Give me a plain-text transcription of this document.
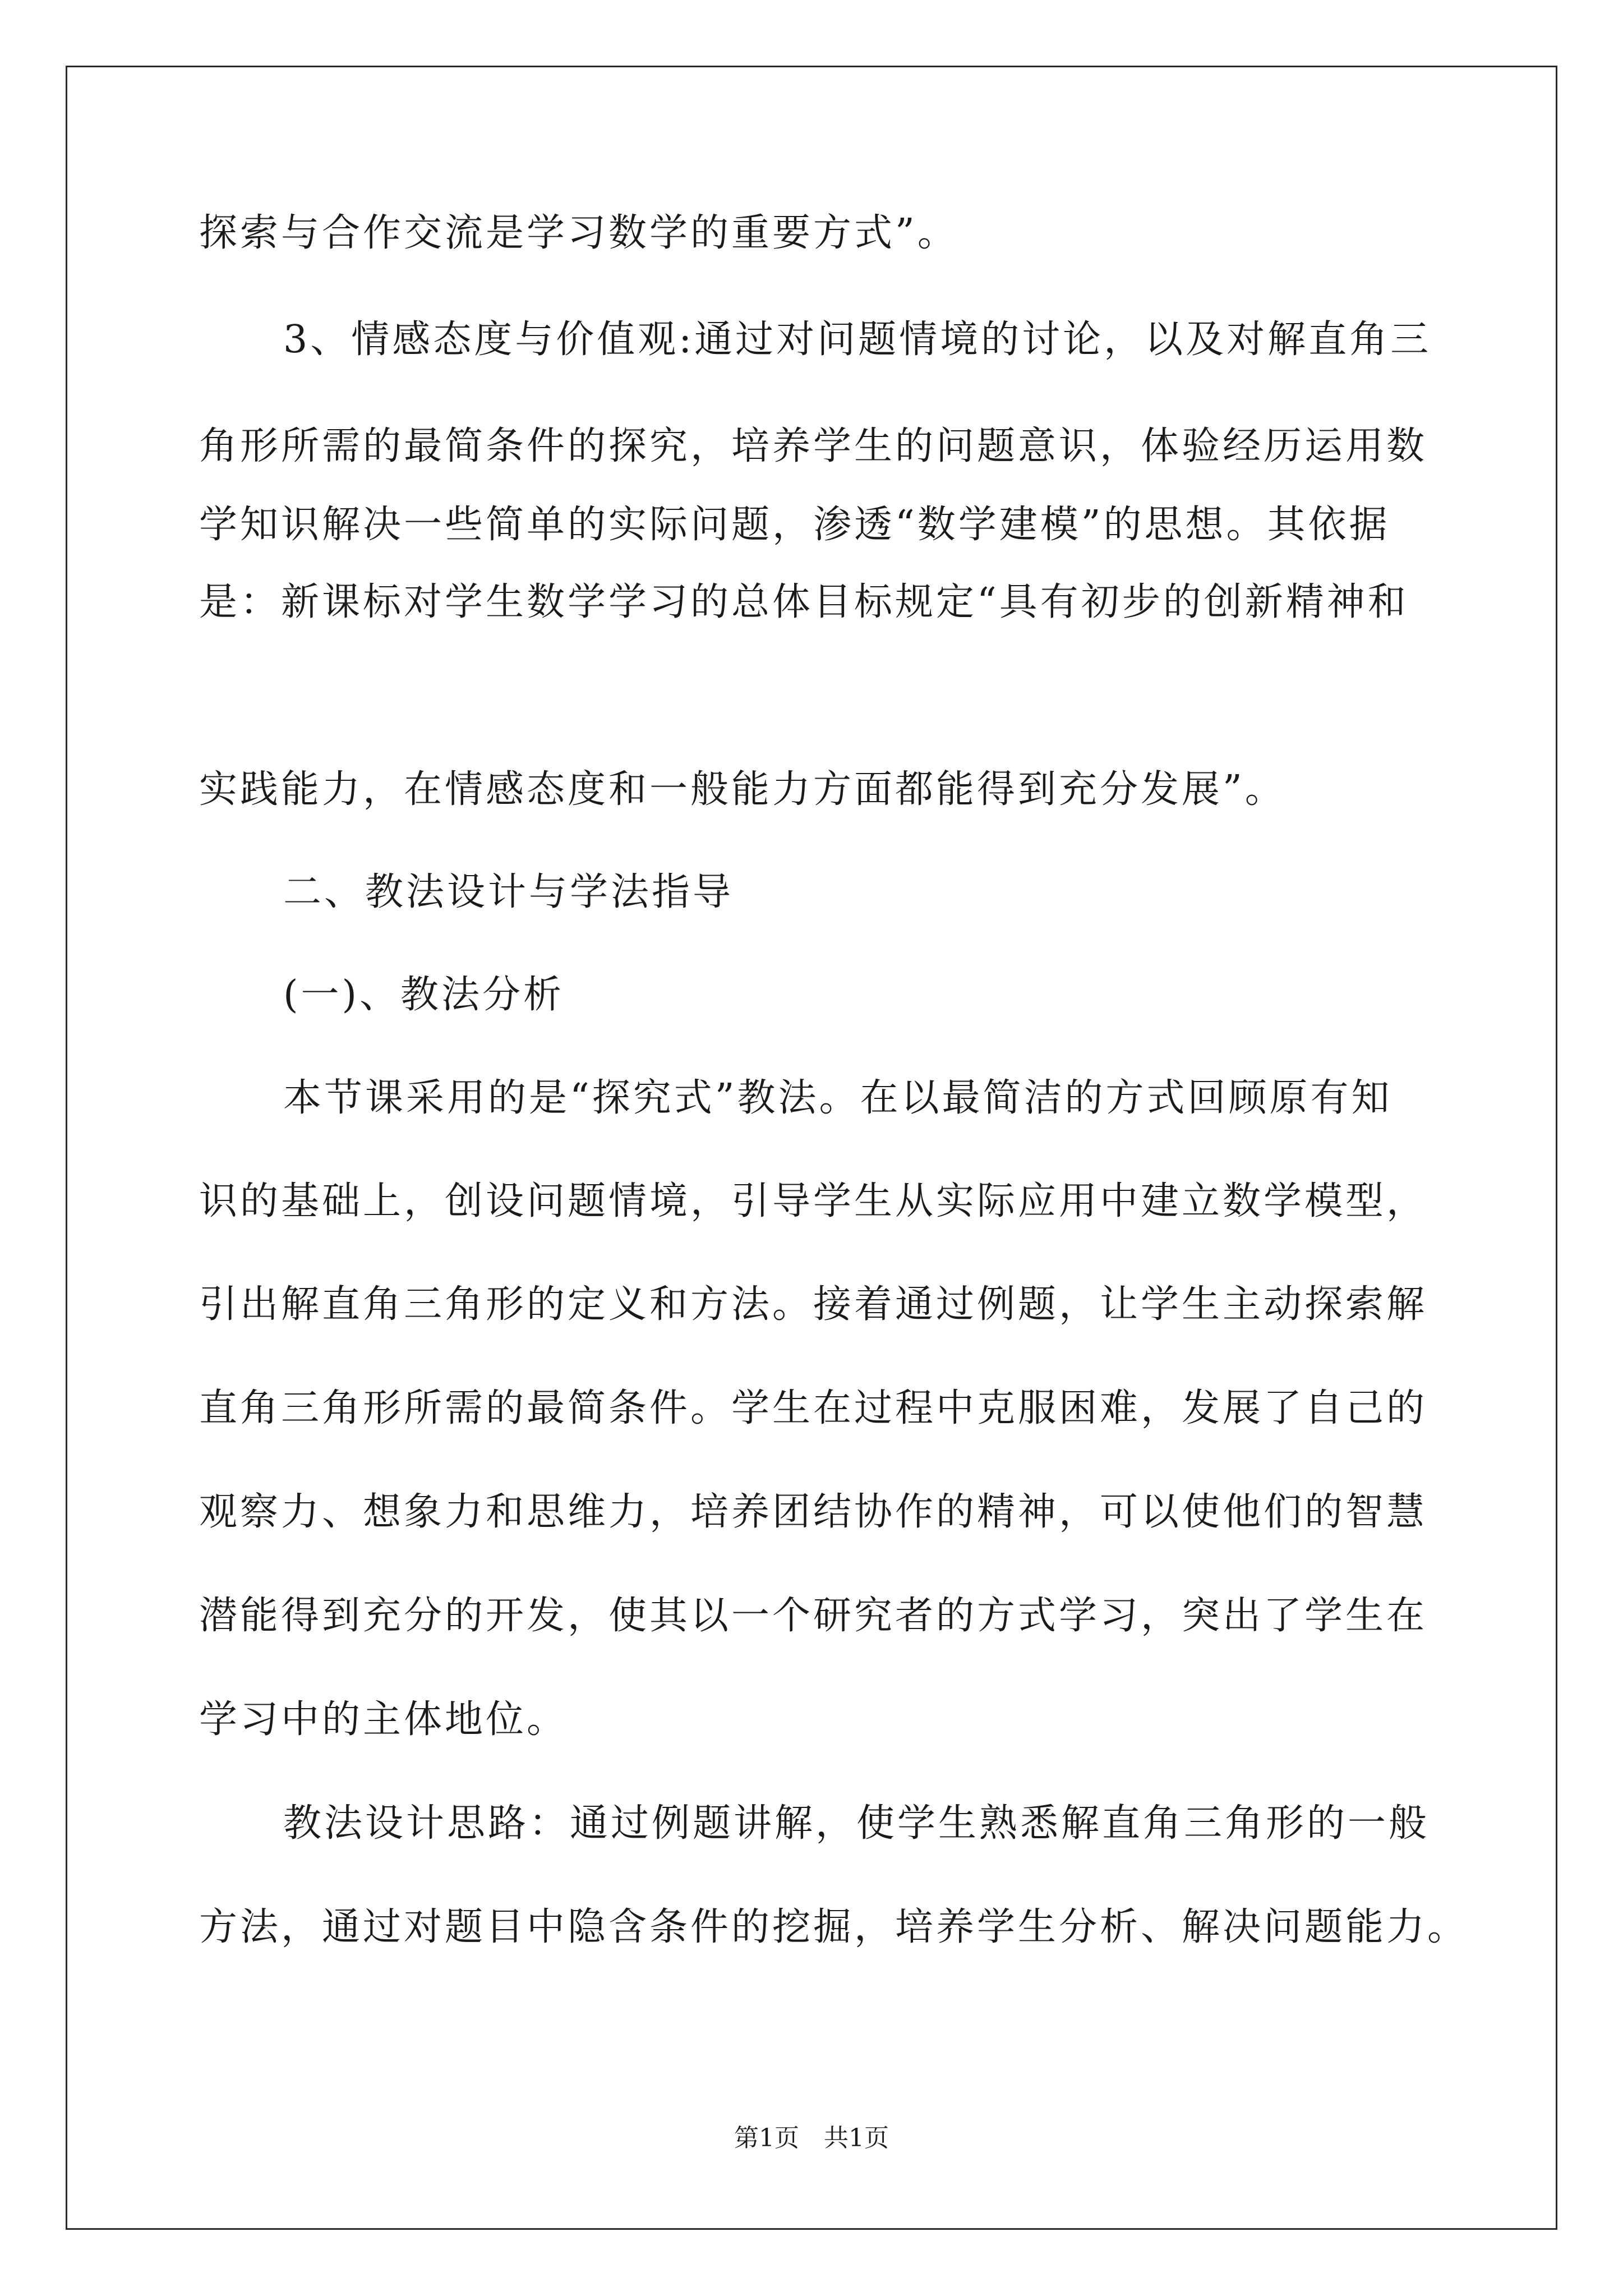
探索与合作交流是学习数学的重要方式”。
3、情感态度与价值观:通过对问题情境的讨论，以及对解直角三
角形所需的最简条件的探究，培养学生的问题意识，体验经历运用数
学知识解决一些简单的实际问题，渗透“数学建模”的思想。其依据
是：新课标对学生数学学习的总体目标规定“具有初步的创新精神和
实践能力，在情感态度和一般能力方面都能得到充分发展”。
二、教法设计与学法指导
(一)、教法分析
本节课采用的是“探究式”教法。在以最简洁的方式回顾原有知
识的基础上，创设问题情境，引导学生从实际应用中建立数学模型，
引出解直角三角形的定义和方法。接着通过例题，让学生主动探索解
直角三角形所需的最简条件。学生在过程中克服困难，发展了自己的
观察力、想象力和思维力，培养团结协作的精神，可以使他们的智慧
潜能得到充分的开发，使其以一个研究者的方式学习，突出了学生在
学习中的主体地位。
教法设计思路：通过例题讲解，使学生熟悉解直角三角形的一般
方法，通过对题目中隐含条件的挖掘，培养学生分析、解决问题能力。
第1页　共1页
